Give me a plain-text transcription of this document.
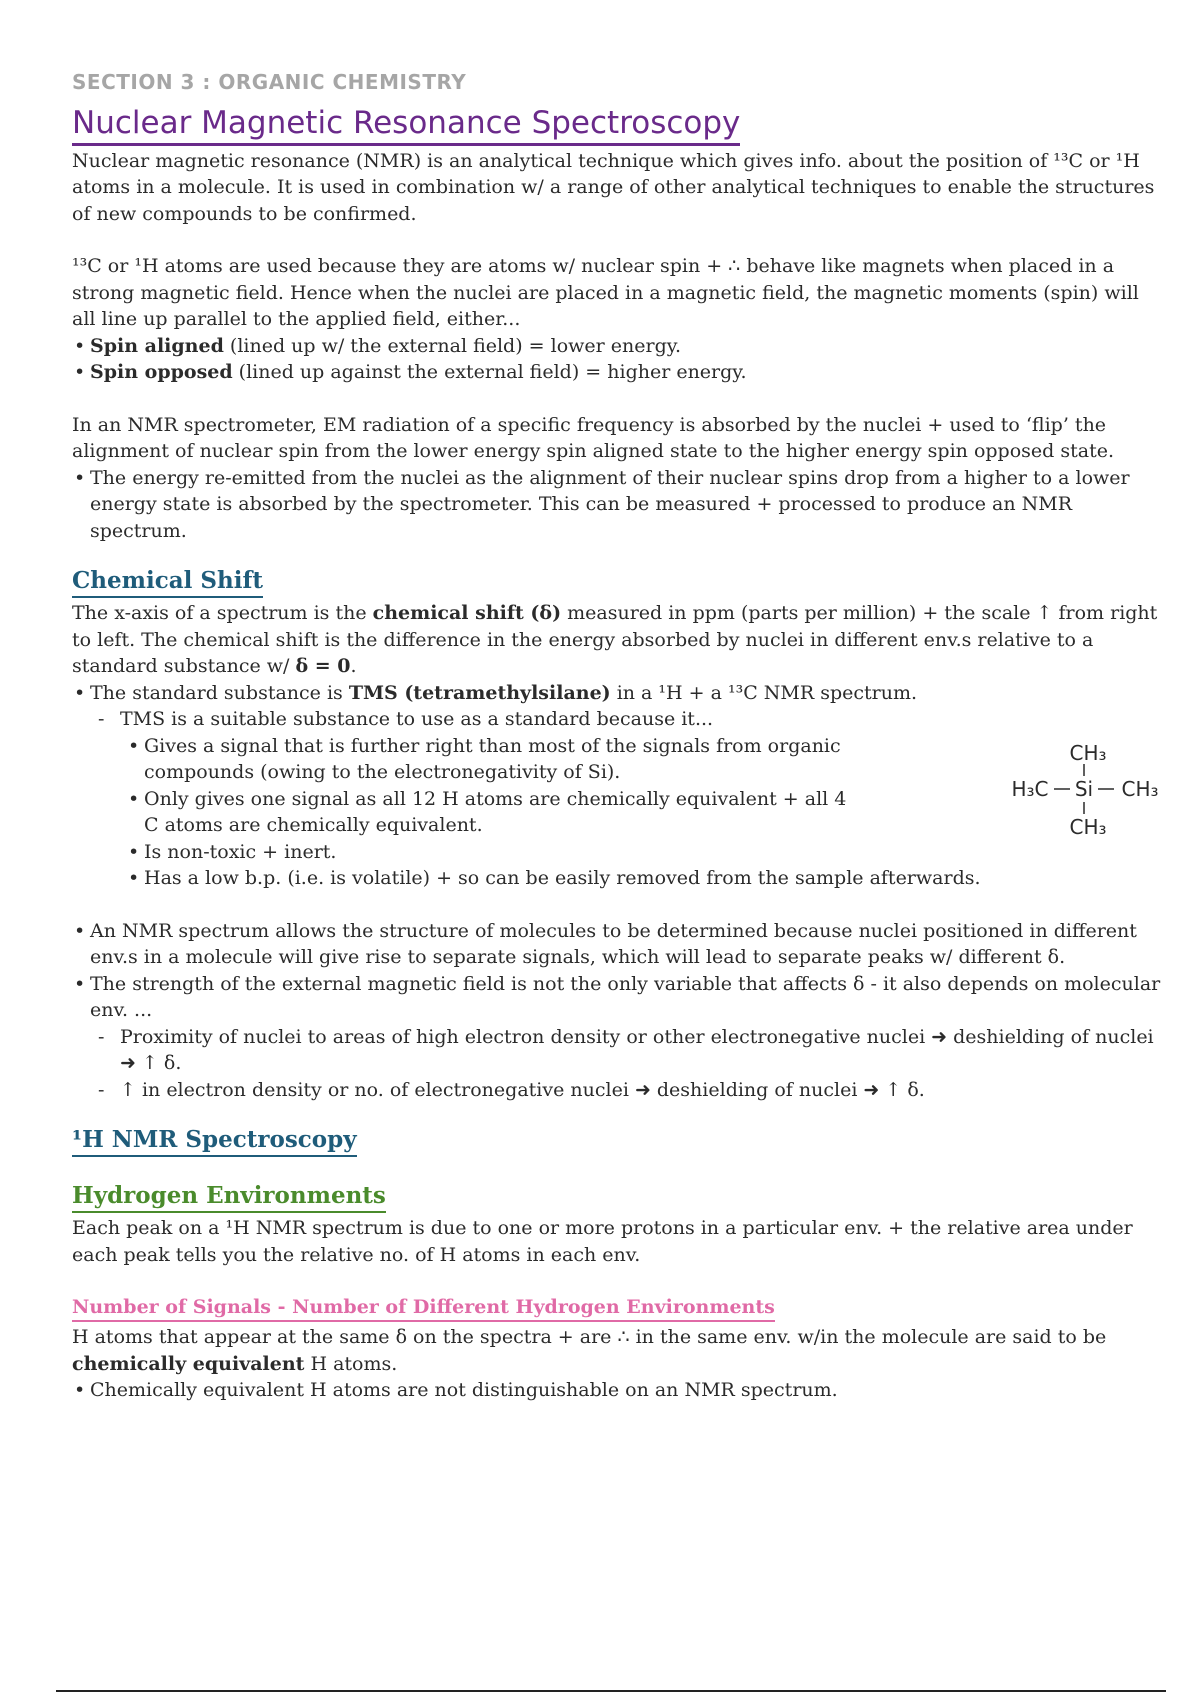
SECTION 3 : ORGANIC CHEMISTRY
Nuclear Magnetic Resonance Spectroscopy

Nuclear magnetic resonance (NMR) is an analytical technique which gives info. about the position of ¹³C or ¹H atoms in a molecule. It is used in combination w/ a range of other analytical techniques to enable the structures of new compounds to be confirmed.

¹³C or ¹H atoms are used because they are atoms w/ nuclear spin + ∴ behave like magnets when placed in a strong magnetic field. Hence when the nuclei are placed in a magnetic field, the magnetic moments (spin) will all line up parallel to the applied field, either...

• Spin aligned (lined up w/ the external field) = lower energy.
• Spin opposed (lined up against the external field) = higher energy.

In an NMR spectrometer, EM radiation of a specific frequency is absorbed by the nuclei + used to ‘flip’ the alignment of nuclear spin from the lower energy spin aligned state to the higher energy spin opposed state.

• The energy re-emitted from the nuclei as the alignment of their nuclear spins drop from a higher to a lower energy state is absorbed by the spectrometer. This can be measured + processed to produce an NMR spectrum.
Chemical Shift

The x-axis of a spectrum is the chemical shift (δ) measured in ppm (parts per million) + the scale ↑ from right to left. The chemical shift is the difference in the energy absorbed by nuclei in different env.s relative to a standard substance w/ δ = 0.

• The standard substance is TMS (tetramethylsilane) in a ¹H + a ¹³C NMR spectrum.
- TMS is a suitable substance to use as a standard because it...
• Gives a signal that is further right than most of the signals from organic compounds (owing to the electronegativity of Si).
• Only gives one signal as all 12 H atoms are chemically equivalent + all 4 C atoms are chemically equivalent.
• Is non-toxic + inert.
• Has a low b.p. (i.e. is volatile) + so can be easily removed from the sample afterwards.
CH₃
H₃C Si CH₃
CH₃
• An NMR spectrum allows the structure of molecules to be determined because nuclei positioned in different env.s in a molecule will give rise to separate signals, which will lead to separate peaks w/ different δ.
• The strength of the external magnetic field is not the only variable that affects δ - it also depends on molecular env. ...
- Proximity of nuclei to areas of high electron density or other electronegative nuclei ➜ deshielding of nuclei ➜ ↑ δ.
- ↑ in electron density or no. of electronegative nuclei ➜ deshielding of nuclei ➜ ↑ δ.
¹H NMR Spectroscopy
Hydrogen Environments

Each peak on a ¹H NMR spectrum is due to one or more protons in a particular env. + the relative area under each peak tells you the relative no. of H atoms in each env.

Number of Signals - Number of Different Hydrogen Environments

H atoms that appear at the same δ on the spectra + are ∴ in the same env. w/in the molecule are said to be chemically equivalent H atoms.

• Chemically equivalent H atoms are not distinguishable on an NMR spectrum.
